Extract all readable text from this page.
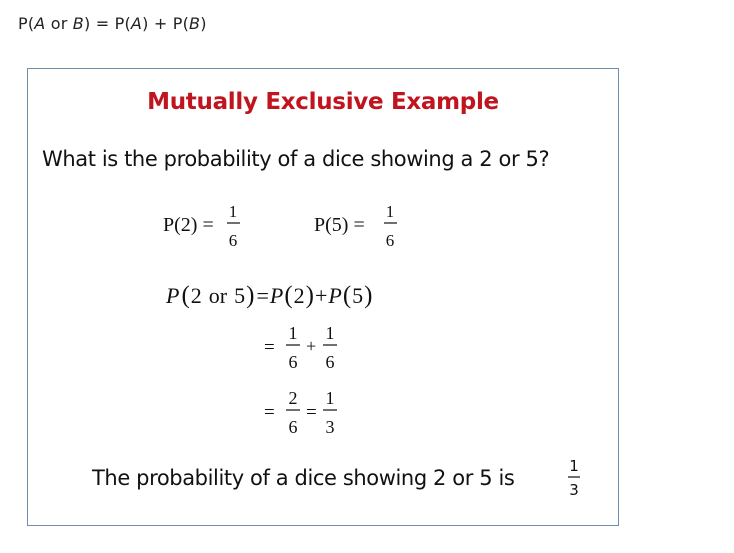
P(A or B) = P(A) + P(B)
Mutually Exclusive Example
What is the probability of a dice showing a 2 or 5?
P(2) =
1
6
P(5) =
1
6
P(2 or 5)=P(2)+P(5)
=
1
6
+
1
6
=
2
6
=
1
3
1
3
The probability of a dice showing 2 or 5 is
